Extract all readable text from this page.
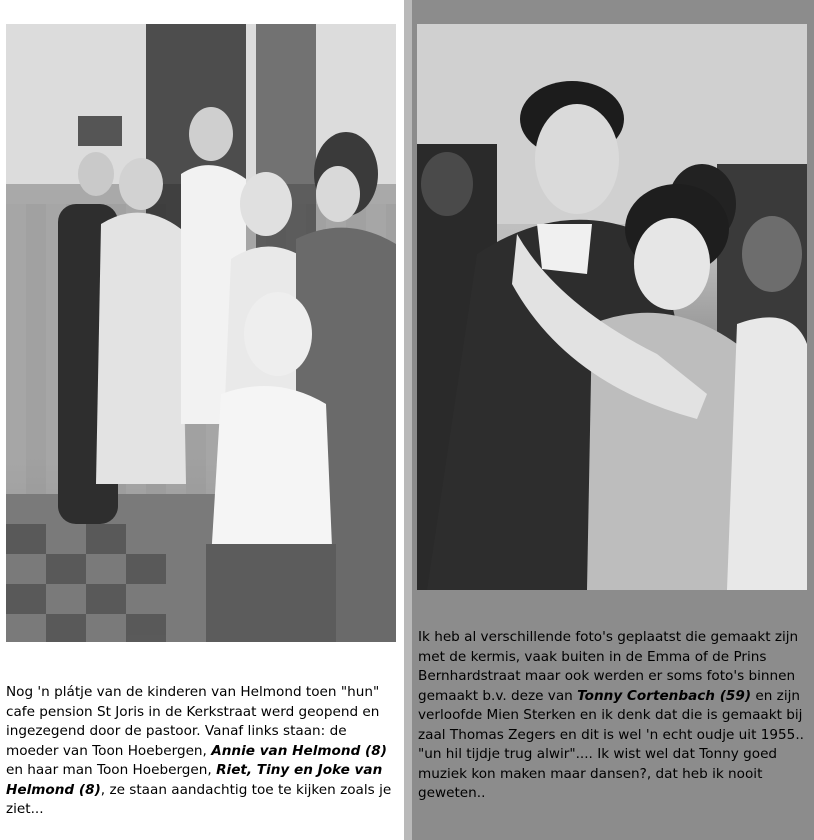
Nog 'n plátje van de kinderen van Helmond toen "hun" cafe pension St Joris in de Kerkstraat werd geopend en ingezegend door de pastoor. Vanaf links staan: de moeder van Toon Hoebergen, Annie van Helmond (8) en haar man Toon Hoebergen, Riet, Tiny en Joke van Helmond (8), ze staan aandachtig toe te kijken zoals je ziet...

Ik heb al verschillende foto's geplaatst die gemaakt zijn met de kermis, vaak buiten in de Emma of de Prins Bernhardstraat maar ook werden er soms foto's binnen gemaakt b.v. deze van Tonny Cortenbach (59) en zijn verloofde Mien Sterken en ik denk dat die is gemaakt bij zaal Thomas Zegers en dit is wel 'n echt oudje uit 1955.. "un hil tijdje trug alwir".... Ik wist wel dat Tonny goed muziek kon maken maar dansen?, dat heb ik nooit geweten..
